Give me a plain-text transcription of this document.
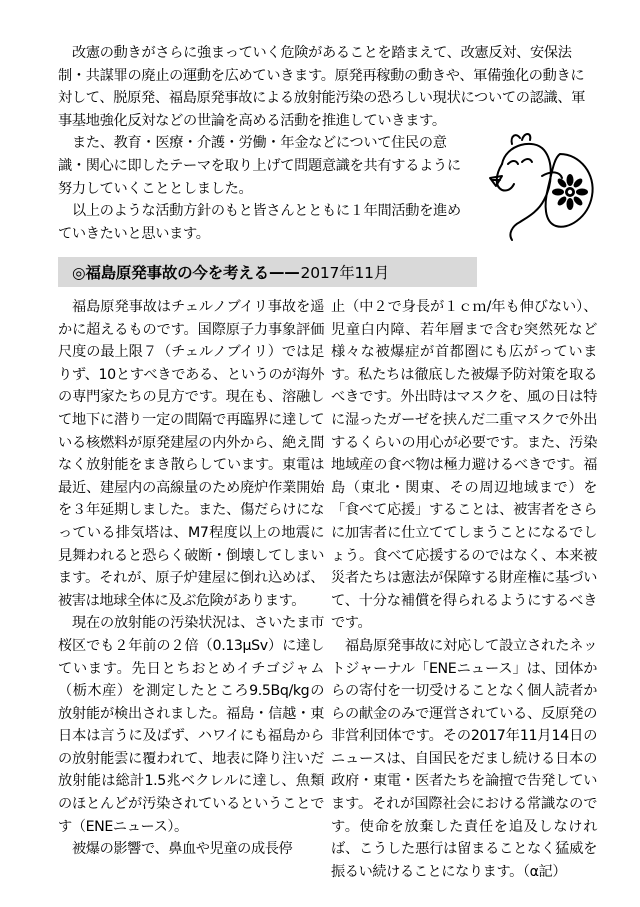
改憲の動きがさらに強まっていく危険があることを踏まえて、改憲反対、安保法制・共謀罪の廃止の運動を広めていきます。原発再稼動の動きや、軍備強化の動きに対して、脱原発、福島原発事故による放射能汚染の恐ろしい現状についての認識、軍事基地強化反対などの世論を高める活動を推進していきます。

また、教育・医療・介護・労働・年金などについて住民の意識・関心に即したテーマを取り上げて問題意識を共有するように努力していくこととしました。

以上のような活動方針のもと皆さんとともに１年間活動を進めていきたいと思います。

◎福島原発事故の今を考える —— 2017年11月

福島原発事故はチェルノブイリ事故を遥かに超えるものです。国際原子力事象評価尺度の最上限７（チェルノブイリ）では足りず、10とすべきである、というのが海外の専門家たちの見方です。現在も、溶融して地下に潜り一定の間隔で再臨界に達している核燃料が原発建屋の内外から、絶え間なく放射能をまき散らしています。東電は最近、建屋内の高線量のため廃炉作業開始を３年延期しました。また、傷だらけになっている排気塔は、M7程度以上の地震に見舞われると恐らく破断・倒壊してしまいます。それが、原子炉建屋に倒れ込めば、被害は地球全体に及ぶ危険があります。

現在の放射能の汚染状況は、さいたま市桜区でも２年前の２倍（0.13μSv）に達しています。先日とちおとめイチゴジャム（栃木産）を測定したところ9.5Bq/kgの放射能が検出されました。福島・信越・東日本は言うに及ばず、ハワイにも福島からの放射能雲に覆われて、地表に降り注いだ放射能は総計1.5兆ベクレルに達し、魚類のほとんどが汚染されているということです（ENEニュース）。

被爆の影響で、鼻血や児童の成長停

止（中２で身長が１ｃｍ/年も伸びない）、児童白内障、若年層まで含む突然死など様々な被爆症が首都圏にも広がっています。私たちは徹底した被爆予防対策を取るべきです。外出時はマスクを、風の日は特に湿ったガーゼを挟んだ二重マスクで外出するくらいの用心が必要です。また、汚染地域産の食べ物は極力避けるべきです。福島（東北・関東、その周辺地域まで）を「食べて応援」することは、被害者をさらに加害者に仕立ててしまうことになるでしょう。食べて応援するのではなく、本来被災者たちは憲法が保障する財産権に基づいて、十分な補償を得られるようにするべきです。

福島原発事故に対応して設立されたネットジャーナル「ENEニュース」は、団体からの寄付を一切受けることなく個人読者からの献金のみで運営されている、反原発の非営利団体です。その2017年11月14日のニュースは、自国民をだまし続ける日本の政府・東電・医者たちを論擅で告発しています。それが国際社会における常識なのです。使命を放棄した責任を追及しなければ、こうした悪行は留まることなく猛威を振るい続けることになります。（α記）
